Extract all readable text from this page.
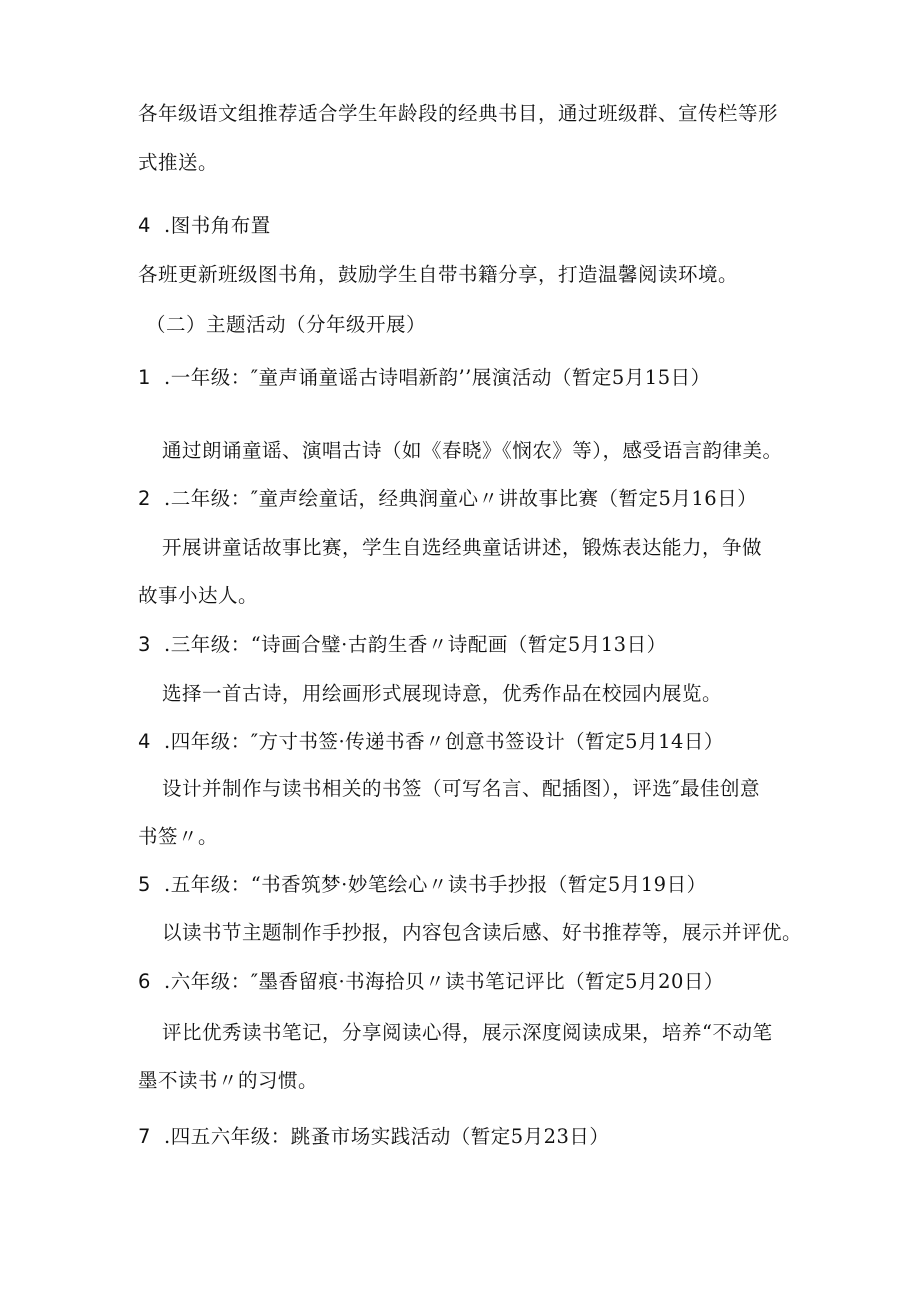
各年级语文组推荐适合学生年龄段的经典书目，通过班级群、宣传栏等形
式推送。
4 .图书角布置
各班更新班级图书角，鼓励学生自带书籍分享，打造温馨阅读环境。
（二）主题活动（分年级开展）
1 .一年级：″童声诵童谣古诗唱新韵’’展演活动（暂定5月15日）
通过朗诵童谣、演唱古诗（如《春晓》《悯农》等），感受语言韵律美。
2 .二年级：″童声绘童话，经典润童心〃讲故事比赛（暂定5月16日）
开展讲童话故事比赛，学生自选经典童话讲述，锻炼表达能力，争做
故事小达人。
3 .三年级：“诗画合璧·古韵生香〃诗配画（暂定5月13日）
选择一首古诗，用绘画形式展现诗意，优秀作品在校园内展览。
4 .四年级：″方寸书签·传递书香〃创意书签设计（暂定5月14日）
设计并制作与读书相关的书签（可写名言、配插图），评选″最佳创意
书签〃。
5 .五年级：“书香筑梦·妙笔绘心〃读书手抄报（暂定5月19日）
以读书节主题制作手抄报，内容包含读后感、好书推荐等，展示并评优。
6 .六年级：″墨香留痕·书海拾贝〃读书笔记评比（暂定5月20日）
评比优秀读书笔记，分享阅读心得，展示深度阅读成果，培养“不动笔
墨不读书〃的习惯。
7 .四五六年级：跳蚤市场实践活动（暂定5月23日）
